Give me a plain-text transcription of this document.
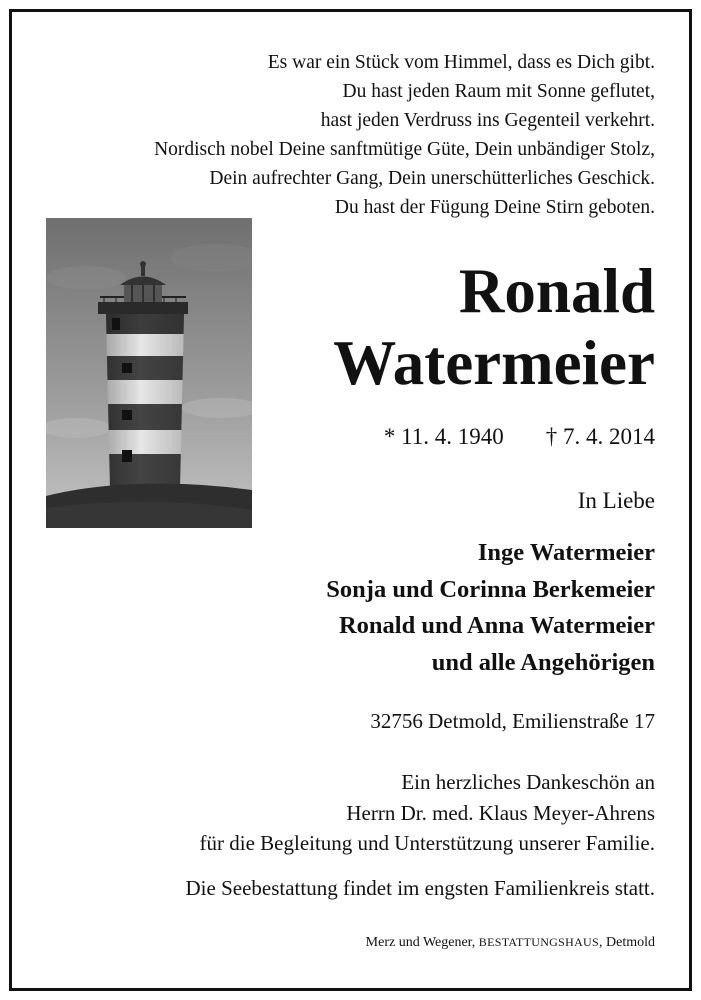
Es war ein Stück vom Himmel, dass es Dich gibt.
Du hast jeden Raum mit Sonne geflutet,
hast jeden Verdruss ins Gegenteil verkehrt.
Nordisch nobel Deine sanftmütige Güte, Dein unbändiger Stolz,
Dein aufrechter Gang, Dein unerschütterliches Geschick.
Du hast der Fügung Deine Stirn geboten.
Ronald
Watermeier
* 11. 4. 1940 † 7. 4. 2014
In Liebe
Inge Watermeier
Sonja und Corinna Berkemeier
Ronald und Anna Watermeier
und alle Angehörigen
32756 Detmold, Emilienstraße 17
Ein herzliches Dankeschön an
Herrn Dr. med. Klaus Meyer-Ahrens
für die Begleitung und Unterstützung unserer Familie.
Die Seebestattung findet im engsten Familienkreis statt.
Merz und Wegener, BESTATTUNGSHAUS, Detmold
